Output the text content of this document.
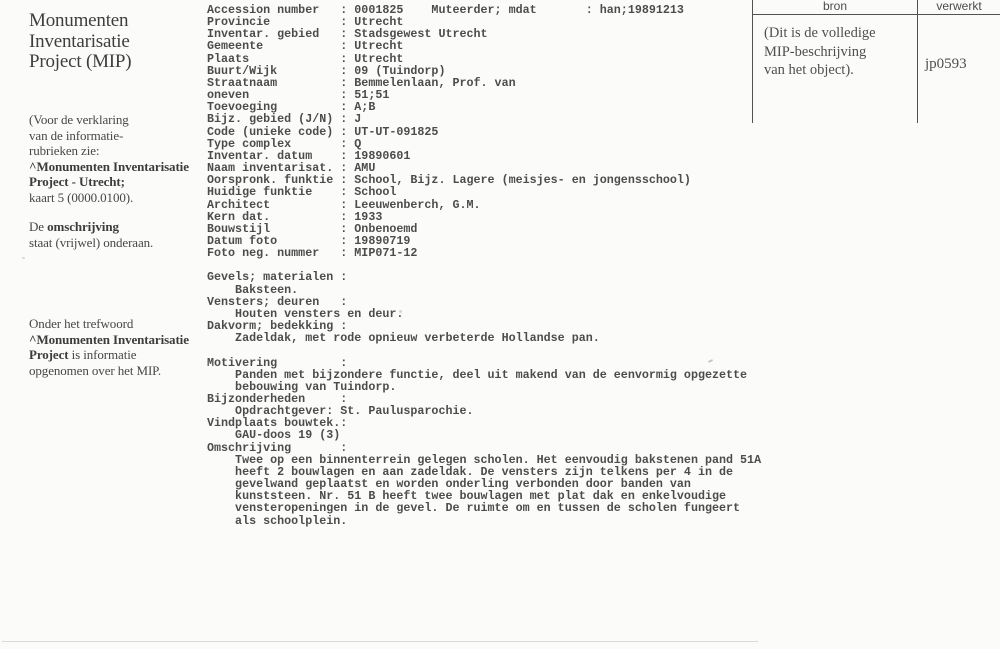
Monumenten
Inventarisatie
Project (MIP)
(Voor de verklaring
van de informatie-
rubrieken zie:
^Monumenten Inventarisatie
Project - Utrecht;
kaart 5 (0000.0100).
De omschrijving
staat (vrijwel) onderaan.
Onder het trefwoord
^Monumenten Inventarisatie
Project is informatie
opgenomen over het MIP.
Accession number   : 0001825    Muteerder; mdat       : han;19891213
Provincie          : Utrecht
Inventar. gebied   : Stadsgewest Utrecht
Gemeente           : Utrecht
Plaats             : Utrecht
Buurt/Wijk         : 09 (Tuindorp)
Straatnaam         : Bemmelenlaan, Prof. van
oneven             : 51;51
Toevoeging         : A;B
Bijz. gebied (J/N) : J
Code (unieke code) : UT-UT-091825
Type complex       : Q
Inventar. datum    : 19890601
Naam inventarisat. : AMU
Oorspronk. funktie : School, Bijz. Lagere (meisjes- en jongensschool)
Huidige funktie    : School
Architect          : Leeuwenberch, G.M.
Kern dat.          : 1933
Bouwstijl          : Onbenoemd
Datum foto         : 19890719
Foto neg. nummer   : MIP071-12

Gevels; materialen :
Baksteen.
Vensters; deuren   :
Houten vensters en deur.
Dakvorm; bedekking :
Zadeldak, met rode opnieuw verbeterde Hollandse pan.

Motivering         :
Panden met bijzondere functie, deel uit makend van de eenvormig opgezette
bebouwing van Tuindorp.
Bijzonderheden     :
Opdrachtgever: St. Paulusparochie.
Vindplaats bouwtek.:
GAU-doos 19 (3)
Omschrijving       :
Twee op een binnenterrein gelegen scholen. Het eenvoudig bakstenen pand 51A
heeft 2 bouwlagen en aan zadeldak. De vensters zijn telkens per 4 in de
gevelwand geplaatst en worden onderling verbonden door banden van
kunststeen. Nr. 51 B heeft twee bouwlagen met plat dak en enkelvoudige
vensteropeningen in de gevel. De ruimte om en tussen de scholen fungeert
als schoolplein.
bron	verwerkt
(Dit is de volledige
MIP-beschrijving
van het object).	jp0593
